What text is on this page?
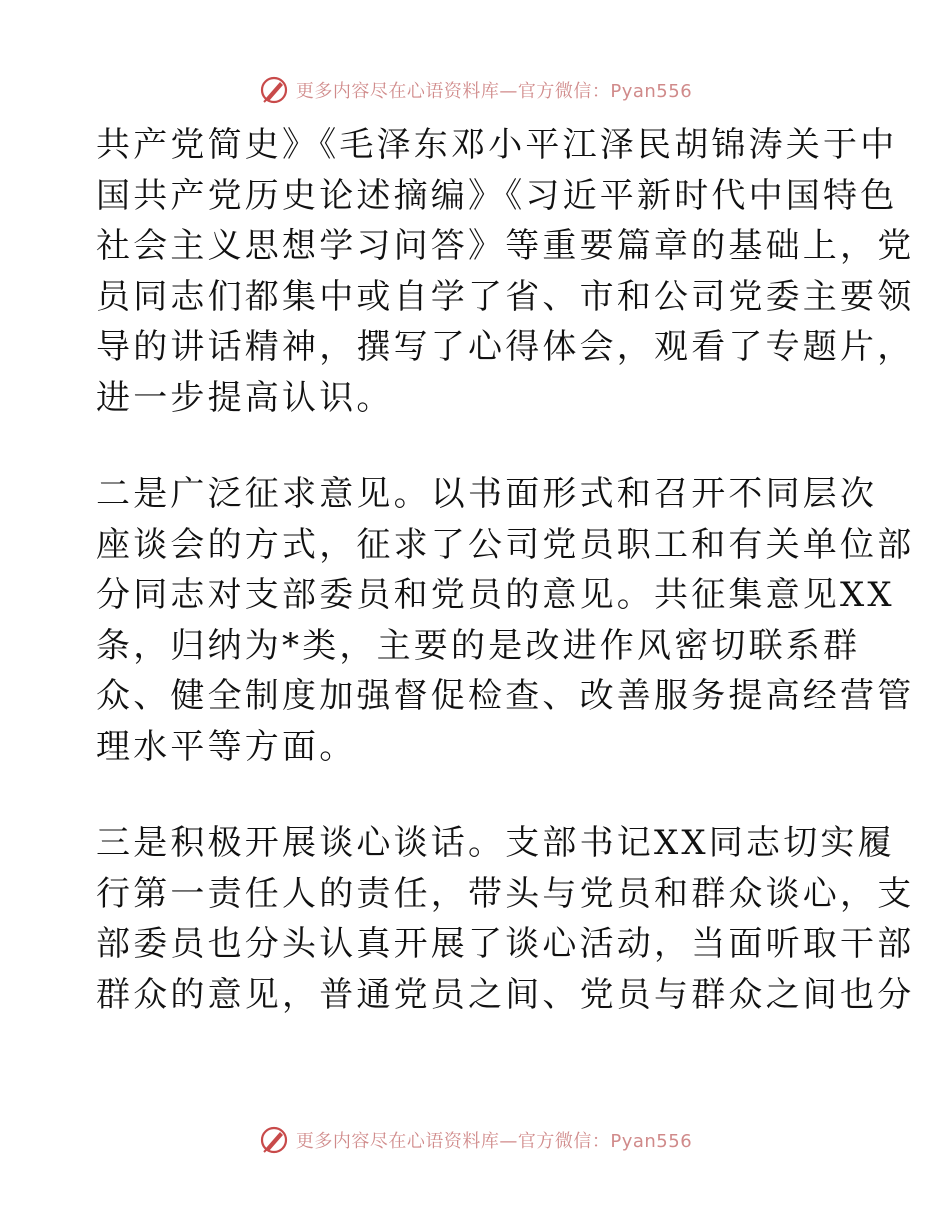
更多内容尽在心语资料库—官方微信：Pyan556
共产党简史》《毛泽东邓小平江泽民胡锦涛关于中
国共产党历史论述摘编》《习近平新时代中国特色
社会主义思想学习问答》等重要篇章的基础上，党
员同志们都集中或自学了省、市和公司党委主要领
导的讲话精神，撰写了心得体会，观看了专题片，
进一步提高认识。
二是广泛征求意见。以书面形式和召开不同层次
座谈会的方式，征求了公司党员职工和有关单位部
分同志对支部委员和党员的意见。共征集意见XX
条，归纳为*类，主要的是改进作风密切联系群
众、健全制度加强督促检查、改善服务提高经营管
理水平等方面。
三是积极开展谈心谈话。支部书记XX同志切实履
行第一责任人的责任，带头与党员和群众谈心，支
部委员也分头认真开展了谈心活动，当面听取干部
群众的意见，普通党员之间、党员与群众之间也分
更多内容尽在心语资料库—官方微信：Pyan556
